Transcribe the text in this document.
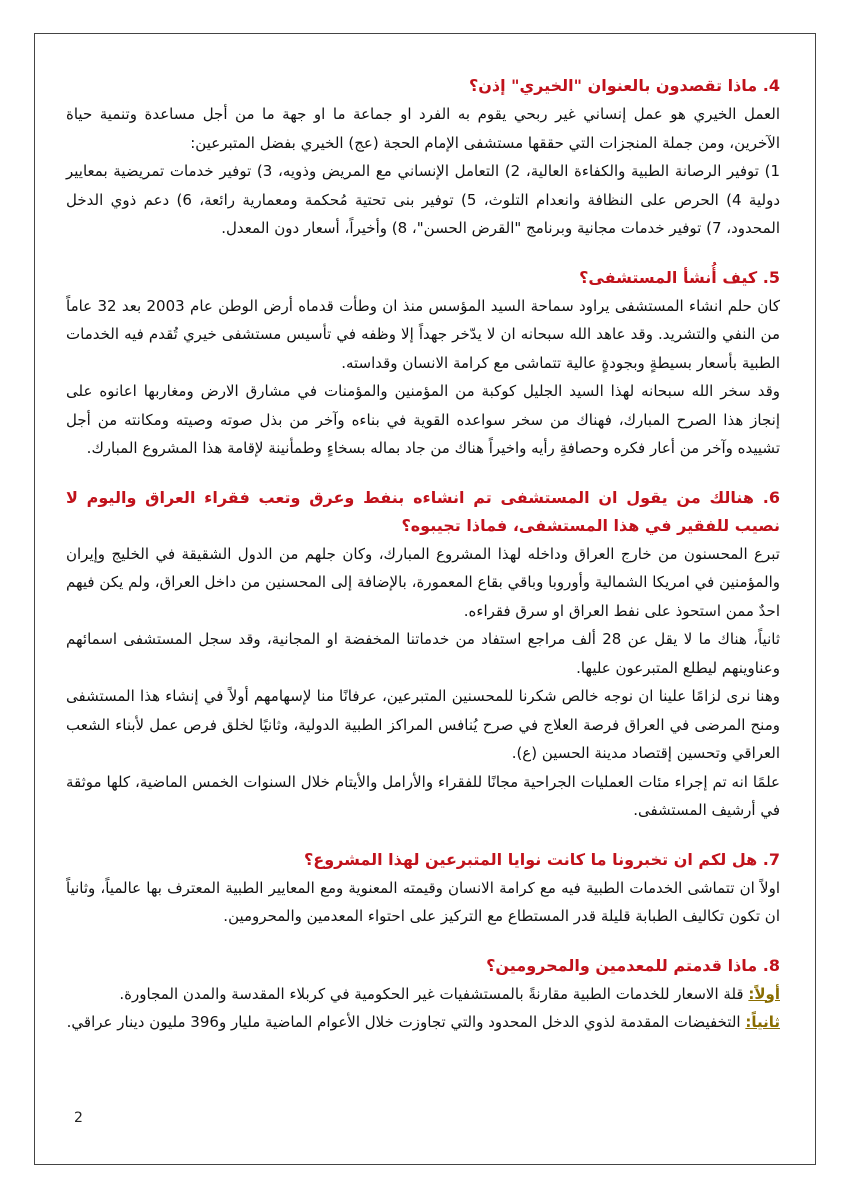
4. ماذا تقصدون بالعنوان "الخيري" إذن؟

العمل الخيري هو عمل إنساني غير ربحي يقوم به الفرد او جماعة ما او جهة ما من أجل مساعدة وتنمية حياة الآخرين، ومن جملة المنجزات التي حققها مستشفى الإمام الحجة (عج) الخيري بفضل المتبرعين:

1) توفير الرصانة الطبية والكفاءة العالية، 2) التعامل الإنساني مع المريض وذويه، 3) توفير خدمات تمريضية بمعايير دولية 4) الحرص على النظافة وانعدام التلوث، 5) توفير بنى تحتية مُحكمة ومعمارية رائعة، 6) دعم ذوي الدخل المحدود، 7) توفير خدمات مجانية وبرنامج "القرض الحسن"، 8) وأخيراً، أسعار دون المعدل.

5. كيف أُنشأ المستشفى؟

كان حلم انشاء المستشفى يراود سماحة السيد المؤسس منذ ان وطأت قدماه أرض الوطن عام 2003 بعد 32 عاماً من النفي والتشريد. وقد عاهد الله سبحانه ان لا يدّخر جهداً إلا وظفه في تأسيس مستشفى خيري تُقدم فيه الخدمات الطبية بأسعار بسيطةٍ وبجودةٍ عالية تتماشى مع كرامة الانسان وقداسته.

وقد سخر الله سبحانه لهذا السيد الجليل كوكبة من المؤمنين والمؤمنات في مشارق الارض ومغاربها اعانوه على إنجاز هذا الصرح المبارك، فهناك من سخر سواعده القوية في بناءه وآخر من بذل صوته وصيته ومكانته من أجل تشييده وآخر من أعار فكره وحصافةِ رأيه واخيراً هناك من جاد بماله بسخاءٍ وطمأنينة لإقامة هذا المشروع المبارك.

6. هنالك من يقول ان المستشفى تم انشاءه بنفط وعرق وتعب فقراء العراق واليوم لا نصيب للفقير في هذا المستشفى، فماذا تجيبوه؟

تبرع المحسنون من خارج العراق وداخله لهذا المشروع المبارك، وكان جلهم من الدول الشقيقة في الخليج وإيران والمؤمنين في امريكا الشمالية وأوروبا وباقي بقاع المعمورة، بالإضافة إلى المحسنين من داخل العراق، ولم يكن فيهم احدٌ ممن استحوذ على نفط العراق او سرق فقراءه.

ثانياً، هناك ما لا يقل عن 28 ألف مراجع استفاد من خدماتنا المخفضة او المجانية، وقد سجل المستشفى اسمائهم وعناوينهم ليطلع المتبرعون عليها.

وهنا نرى لزامًا علينا ان نوجه خالص شكرنا للمحسنين المتبرعين، عرفانًا منا لإسهامهم أولاً في إنشاء هذا المستشفى ومنح المرضى في العراق فرصة العلاج في صرح يُنافس المراكز الطبية الدولية، وثانيًا لخلق فرص عمل لأبناء الشعب العراقي وتحسين إقتصاد مدينة الحسين (ع).

علمًا انه تم إجراء مئات العمليات الجراحية مجانًا للفقراء والأرامل والأيتام خلال السنوات الخمس الماضية، كلها موثقة في أرشيف المستشفى.

7. هل لكم ان تخبرونا ما كانت نوايا المتبرعين لهذا المشروع؟

اولاً ان تتماشى الخدمات الطبية فيه مع كرامة الانسان وقيمته المعنوية ومع المعايير الطبية المعترف بها عالمياً، وثانياً ان تكون تكاليف الطبابة قليلة قدر المستطاع مع التركيز على احتواء المعدمين والمحرومين.

8. ماذا قدمتم للمعدمين والمحرومين؟

أولاً: قلة الاسعار للخدمات الطبية مقارنةً بالمستشفيات غير الحكومية في كربلاء المقدسة والمدن المجاورة.

ثانياً: التخفيضات المقدمة لذوي الدخل المحدود والتي تجاوزت خلال الأعوام الماضية مليار و396 مليون دينار عراقي.

2
